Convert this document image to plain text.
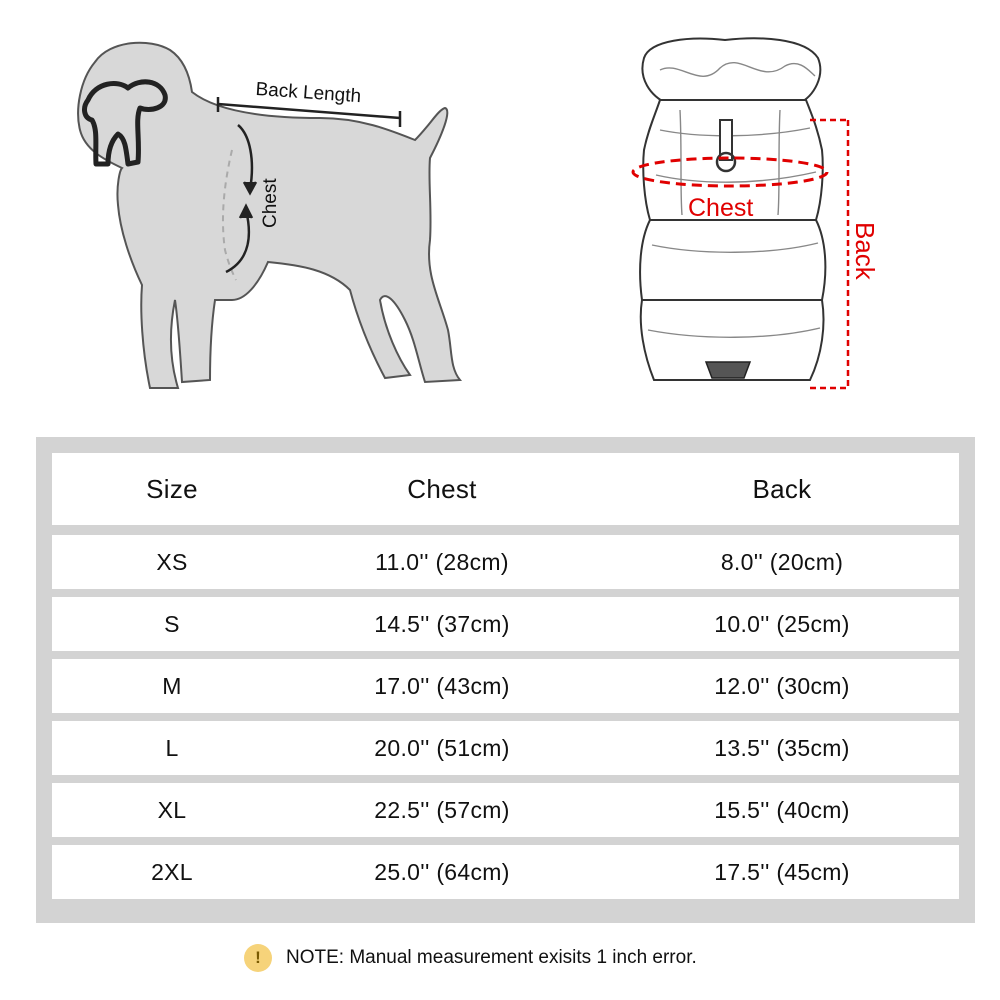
Back Length
Chest	Chest
Back
Size	Chest	Back
XS	11.0'' (28cm)	8.0'' (20cm)
S	14.5'' (37cm)	10.0'' (25cm)
M	17.0'' (43cm)	12.0'' (30cm)
L	20.0'' (51cm)	13.5'' (35cm)
XL	22.5'' (57cm)	15.5'' (40cm)
2XL	25.0'' (64cm)	17.5'' (45cm)
!	NOTE: Manual measurement exisits 1 inch error.
